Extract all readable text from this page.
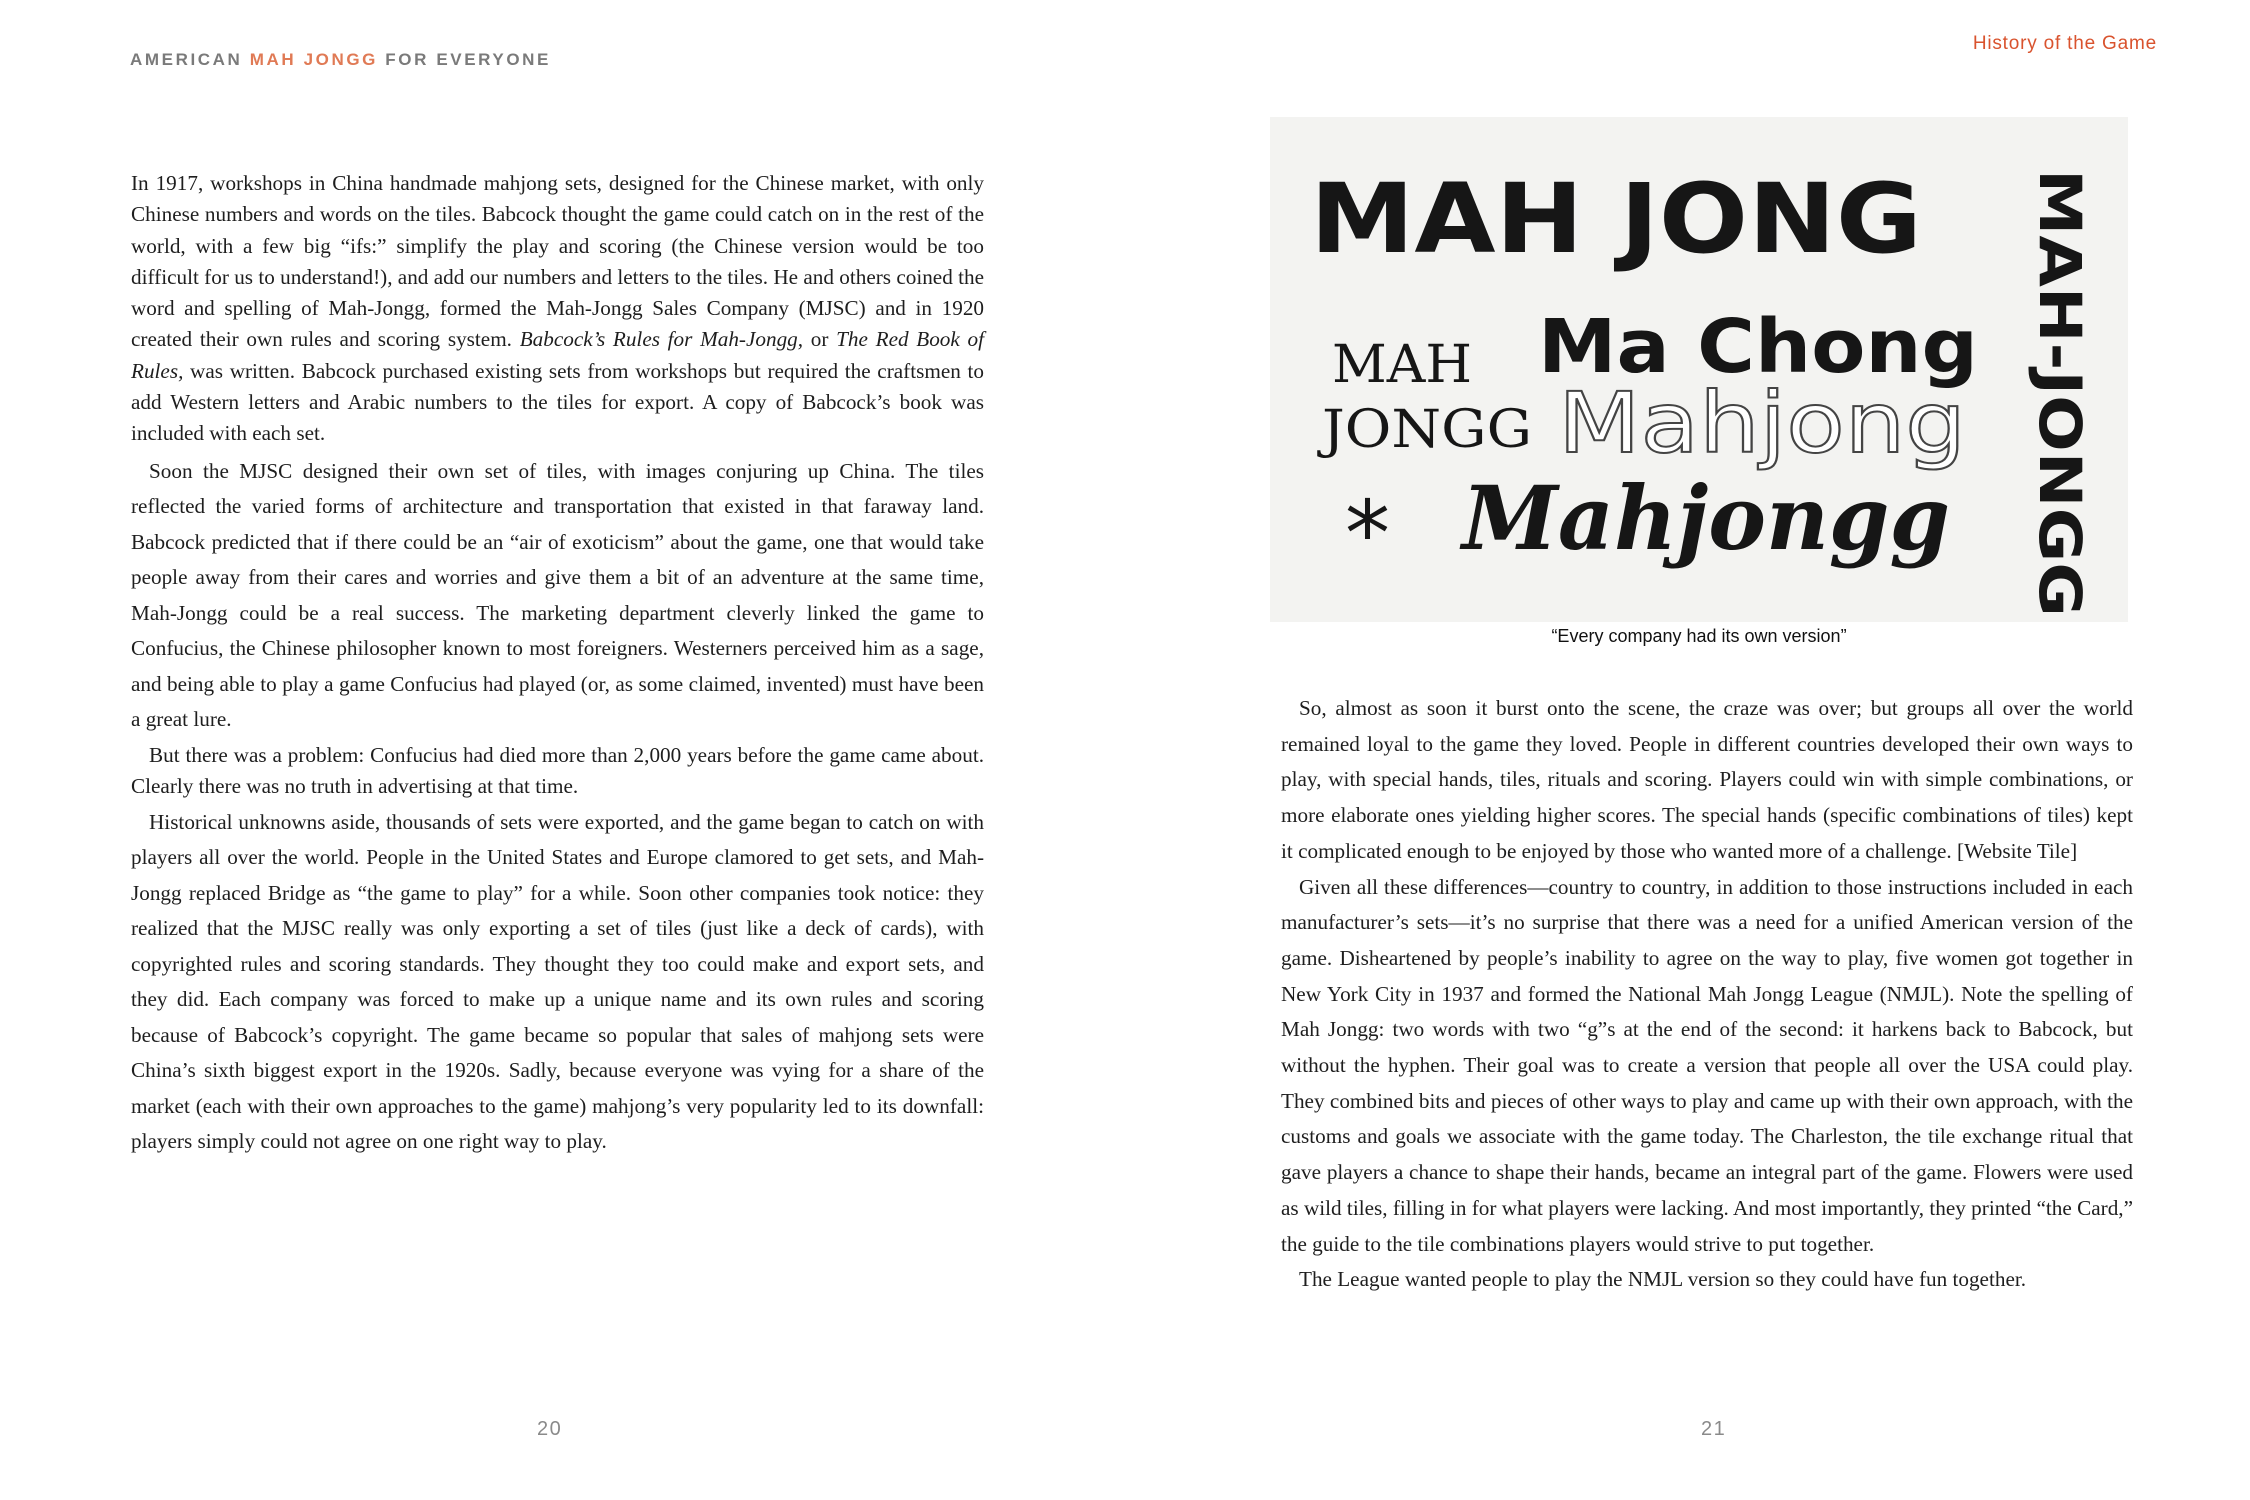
AMERICAN MAH JONGG FOR EVERYONE
History of the Game

In 1917, workshops in China handmade mahjong sets, designed for the Chinese market, with only Chinese numbers and words on the tiles. Babcock thought the game could catch on in the rest of the world, with a few big “ifs:” simplify the play and scoring (the Chinese version would be too difficult for us to understand!), and add our numbers and letters to the tiles. He and others coined the word and spelling of Mah-Jongg, formed the Mah-Jongg Sales Company (MJSC) and in 1920 created their own rules and scoring system. Babcock’s Rules for Mah-Jongg, or The Red Book of Rules, was written. Babcock purchased existing sets from workshops but required the craftsmen to add Western letters and Arabic numbers to the tiles for export. A copy of Babcock’s book was included with each set.

Soon the MJSC designed their own set of tiles, with images conjuring up China. The tiles reflected the varied forms of architecture and transportation that existed in that faraway land. Babcock predicted that if there could be an “air of exoticism” about the game, one that would take people away from their cares and worries and give them a bit of an adventure at the same time, Mah-Jongg could be a real success. The marketing department cleverly linked the game to Confucius, the Chinese philosopher known to most foreigners. Westerners perceived him as a sage, and being able to play a game Confucius had played (or, as some claimed, invented) must have been a great lure.

But there was a problem: Confucius had died more than 2,000 years before the game came about. Clearly there was no truth in advertising at that time.

Historical unknowns aside, thousands of sets were exported, and the game began to catch on with players all over the world. People in the United States and Europe clamored to get sets, and Mah-Jongg replaced Bridge as “the game to play” for a while. Soon other companies took notice: they realized that the MJSC really was only exporting a set of tiles (just like a deck of cards), with copyrighted rules and scoring standards. They thought they too could make and export sets, and they did. Each company was forced to make up a unique name and its own rules and scoring because of Babcock’s copyright. The game became so popular that sales of mahjong sets were China’s sixth biggest export in the 1920s. Sadly, because everyone was vying for a share of the market (each with their own approaches to the game) mahjong’s very popularity led to its downfall: players simply could not agree on one right way to play.

MAH JONG
Ma Chong
MAH
JONGG Mahjong
* Mahjongg MAH-JONGG
“Every company had its own version”

So, almost as soon it burst onto the scene, the craze was over; but groups all over the world remained loyal to the game they loved. People in different countries developed their own ways to play, with special hands, tiles, rituals and scoring. Players could win with simple combinations, or more elaborate ones yielding higher scores. The special hands (specific combinations of tiles) kept it complicated enough to be enjoyed by those who wanted more of a challenge. [Website Tile]

Given all these differences—country to country, in addition to those instructions included in each manufacturer’s sets—it’s no surprise that there was a need for a unified American version of the game. Disheartened by people’s inability to agree on the way to play, five women got together in New York City in 1937 and formed the National Mah Jongg League (NMJL). Note the spelling of Mah Jongg: two words with two “g”s at the end of the second: it harkens back to Babcock, but without the hyphen. Their goal was to create a version that people all over the USA could play. They combined bits and pieces of other ways to play and came up with their own approach, with the customs and goals we associate with the game today. The Charleston, the tile exchange ritual that gave players a chance to shape their hands, became an integral part of the game. Flowers were used as wild tiles, filling in for what players were lacking. And most importantly, they printed “the Card,” the guide to the tile combinations players would strive to put together.

The League wanted people to play the NMJL version so they could have fun together.

20	21
